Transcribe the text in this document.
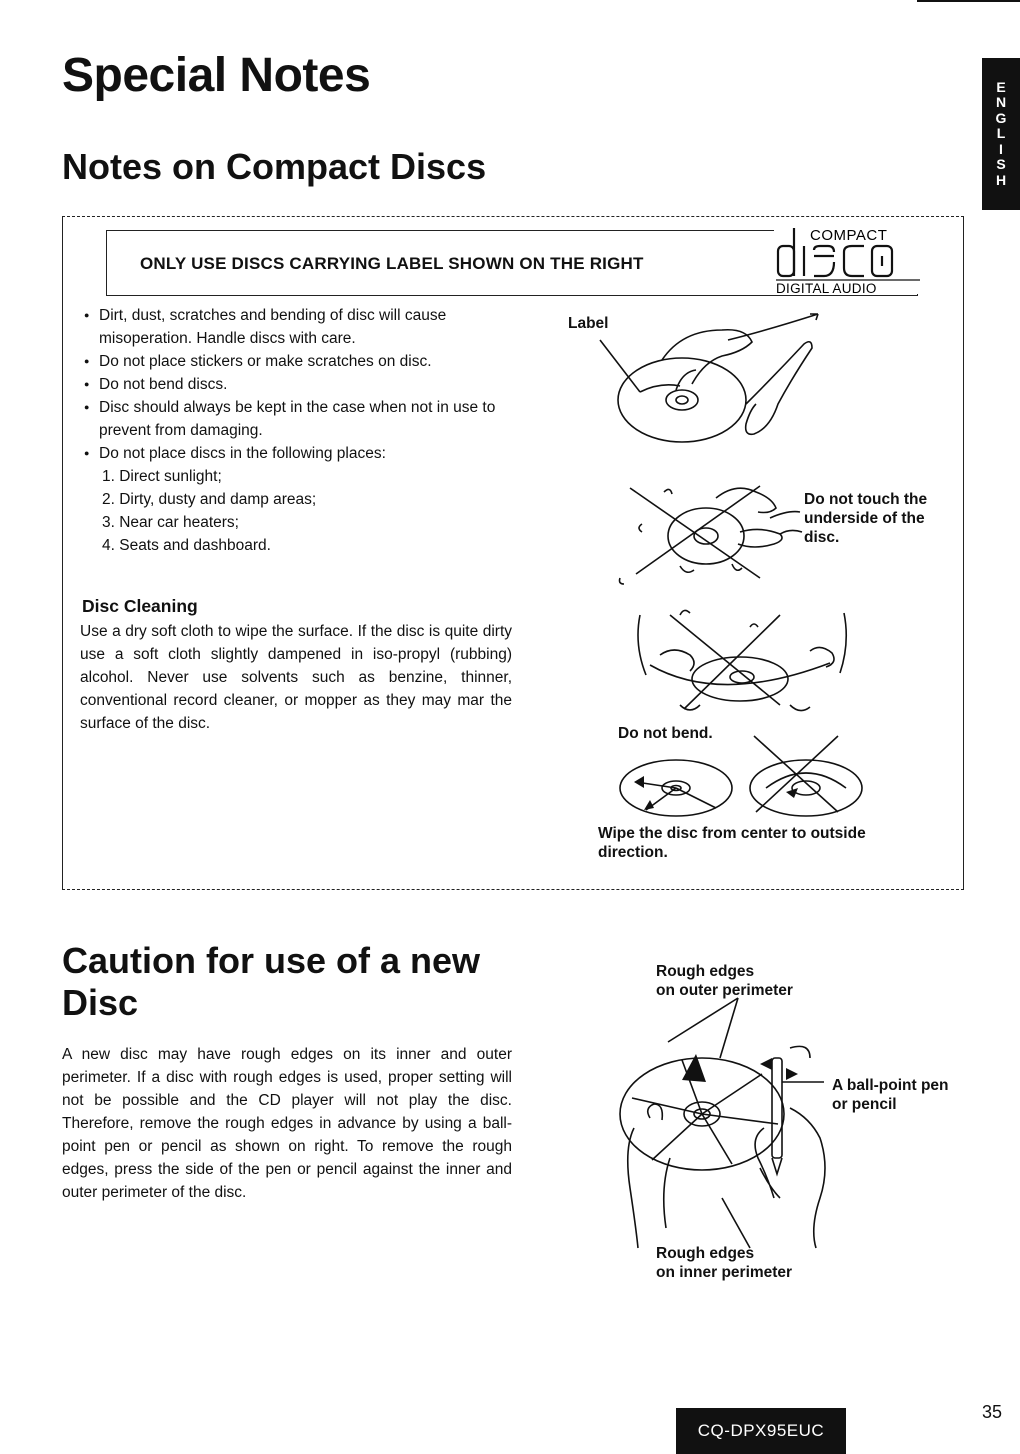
Special Notes
Notes on Compact Discs
E
N
G
L
I
S
H
ONLY USE DISCS CARRYING LABEL SHOWN ON THE RIGHT
COMPACT
DIGITAL AUDIO
● Dirt, dust, scratches and bending of disc will cause misoperation. Handle discs with care.
● Do not place stickers or make scratches on disc.
● Do not bend discs.
● Disc should always be kept in the case when not in use to prevent from damaging.
● Do not place discs in the following places:
1. Direct sunlight;
2. Dirty, dusty and damp areas;
3. Near car heaters;
4. Seats and dashboard.
Disc Cleaning
Use a dry soft cloth to wipe the surface. If the disc is quite dirty use a soft cloth slightly dampened in iso-propyl (rubbing) alcohol. Never use solvents such as benzine, thinner, conventional record cleaner, or mopper as they may mar the surface of the disc.
Label
Do not touch the
underside of the
disc.
Do not bend.
Wipe the disc from center to outside
direction.
Caution for use of a new Disc
A new disc may have rough edges on its inner and outer perimeter. If a disc with rough edges is used, proper setting will not be possible and the CD player will not play the disc. Therefore, remove the rough edges in advance by using a ball-point pen or pencil as shown on right. To remove the rough edges, press the side of the pen or pencil against the inner and outer perimeter of the disc.
Rough edges
on outer perimeter
A ball-point pen
or pencil
Rough edges
on inner perimeter
35
CQ-DPX95EUC
